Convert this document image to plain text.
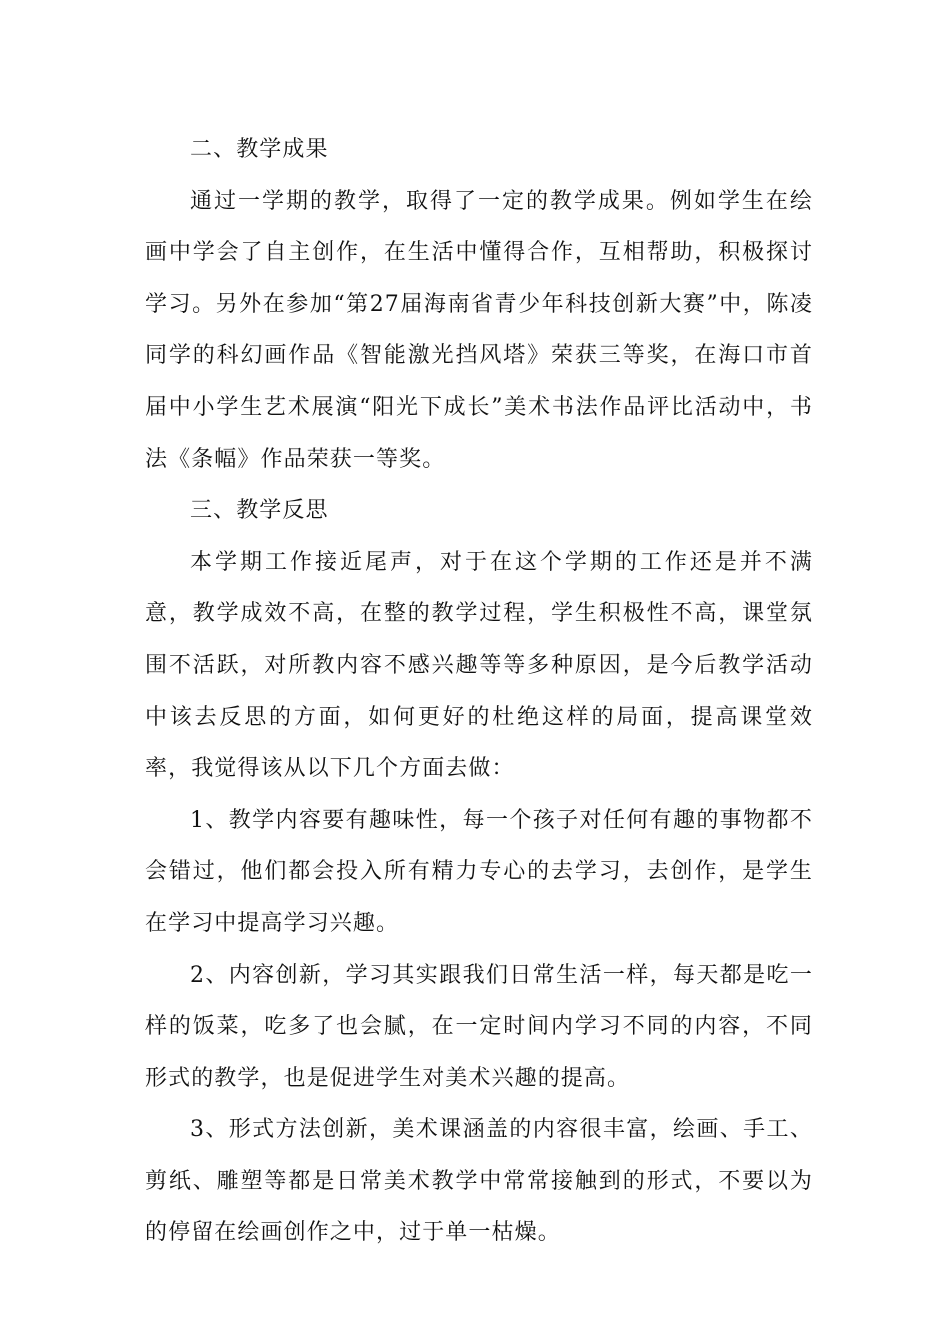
二、教学成果

通过一学期的教学，取得了一定的教学成果。例如学生在绘画中学会了自主创作，在生活中懂得合作，互相帮助，积极探讨学习。另外在参加“第27届海南省青少年科技创新大赛”中，陈凌同学的科幻画作品《智能激光挡风塔》荣获三等奖，在海口市首届中小学生艺术展演“阳光下成长”美术书法作品评比活动中，书法《条幅》作品荣获一等奖。

三、教学反思

本学期工作接近尾声，对于在这个学期的工作还是并不满意，教学成效不高，在整的教学过程，学生积极性不高，课堂氛围不活跃，对所教内容不感兴趣等等多种原因，是今后教学活动中该去反思的方面，如何更好的杜绝这样的局面，提高课堂效率，我觉得该从以下几个方面去做：

1、教学内容要有趣味性，每一个孩子对任何有趣的事物都不会错过，他们都会投入所有精力专心的去学习，去创作，是学生在学习中提高学习兴趣。

2、内容创新，学习其实跟我们日常生活一样，每天都是吃一样的饭菜，吃多了也会腻，在一定时间内学习不同的内容，不同形式的教学，也是促进学生对美术兴趣的提高。

3、形式方法创新，美术课涵盖的内容很丰富，绘画、手工、剪纸、雕塑等都是日常美术教学中常常接触到的形式，不要以为的停留在绘画创作之中，过于单一枯燥。
